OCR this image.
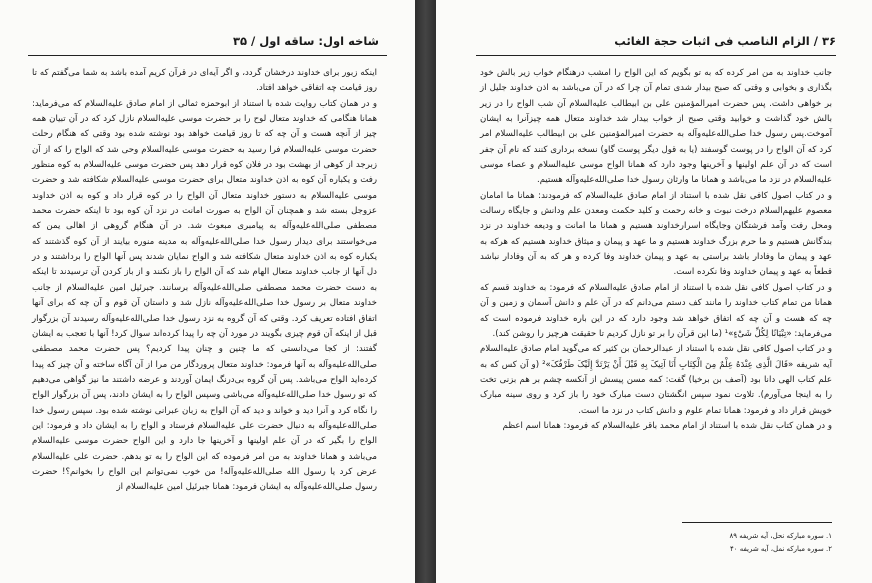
شاخه اول: ساقه اول / ۳۵

اینکه زبور برای خداوند درخشان گردد، و اگر آیه‌ای در قرآن کریم آمده باشد به شما می‌گفتم که تا روز قیامت چه اتفاقی خواهد افتاد.

و در همان کتاب روایت شده با استناد از ابوحمزه ثمالی از امام صادق علیه‌السلام که می‌فرماید: همانا هنگامی که خداوند متعال لوح را بر حضرت موسی علیه‌السلام نازل کرد که در آن تبیان همه چیز از آنچه هست و آن چه که تا روز قیامت خواهد بود نوشته شده بود وقتی که هنگام رحلت حضرت موسی علیه‌السلام فرا رسید به حضرت موسی علیه‌السلام وحی شد که الواح را که از آن زبرجد از کوهی از بهشت بود در فلان کوه قرار دهد پس حضرت موسی علیه‌السلام به کوه منظور رفت و یکباره آن کوه به اذن خداوند متعال برای حضرت موسی علیه‌السلام شکافته شد و حضرت موسی علیه‌السلام به دستور خداوند متعال آن الواح را در کوه قرار داد و کوه به اذن خداوند عزوجل بسته شد و همچنان آن الواح به صورت امانت در نزد آن کوه بود تا اینکه حضرت محمد مصطفی صلی‌الله‌علیه‌وآله به پیامبری مبعوث شد. در آن هنگام گروهی از اهالی یمن که می‌خواستند برای دیدار رسول خدا صلی‌الله‌علیه‌وآله به مدینه منوره بیایند از آن کوه گذشتند که یکباره کوه به اذن خداوند متعال شکافته شد و الواح نمایان شدند پس آنها الواح را برداشتند و در دل آنها از جانب خداوند متعال الهام شد که آن الواح را باز نکنند و از باز کردن آن ترسیدند تا اینکه به دست حضرت محمد مصطفی صلی‌الله‌علیه‌وآله برسانند. جبرئیل امین علیه‌السلام از جانب خداوند متعال بر رسول خدا صلی‌الله‌علیه‌وآله نازل شد و داستان آن قوم و آن چه که برای آنها اتفاق افتاده تعریف کرد. وقتی که آن گروه به نزد رسول خدا صلی‌الله‌علیه‌وآله رسیدند آن بزرگوار قبل از اینکه آن قوم چیزی بگویند در مورد آن چه را پیدا کرده‌اند سوال کرد! آنها با تعجب به ایشان گفتند: از کجا می‌دانستی که ما چنین و چنان پیدا کردیم؟ پس حضرت محمد مصطفی صلی‌الله‌علیه‌وآله به آنها فرمود: خداوند متعال پروردگار من مرا از آن آگاه ساخته و آن چیز که پیدا کرده‌اید الواح می‌باشد. پس آن گروه بی‌درنگ ایمان آوردند و عرضه داشتند ما نیز گواهی می‌دهیم که تو رسول خدا صلی‌الله‌علیه‌وآله می‌باشی وسپس الواح را به ایشان دادند، پس آن بزرگوار الواح را نگاه کرد و آنرا دید و خواند و دید که آن الواح به زبان عبرانی نوشته شده بود. سپس رسول خدا صلی‌الله‌علیه‌وآله به دنبال حضرت علی علیه‌السلام فرستاد و الواح را به ایشان داد و فرمود: این الواح را بگیر که در آن علم اولینها و آخرینها جا دارد و این الواح حضرت موسی علیه‌السلام می‌باشد و همانا خداوند به من امر فرموده که این الواح را به تو بدهم. حضرت علی علیه‌السلام عرض کرد یا رسول الله صلی‌الله‌علیه‌وآله! من خوب نمی‌توانم این الواح را بخوانم؟! حضرت رسول صلی‌الله‌علیه‌وآله به ایشان فرمود: همانا جبرئیل امین علیه‌السلام از

۳۶ / الزام الناصب فی اثبات حجة الغائب

جانب خداوند به من امر کرده که به تو بگویم که این الواح را امشب درهنگام خواب زیر بالش خود بگذاری و بخوابی و وقتی که صبح بیدار شدی تمام آن چرا که در آن می‌باشد به اذن خداوند جلیل از بر خواهی داشت. پس حضرت امیرالمؤمنین علی بن ابیطالب علیه‌السلام آن شب الواح را در زیر بالش خود گذاشت و خوابید وقتی صبح از خواب بیدار شد خداوند متعال همه چیزآنرا به ایشان آموخت.پس رسول خدا صلی‌الله‌علیه‌وآله به حضرت امیرالمؤمنین علی بن ابیطالب علیه‌السلام امر کرد که آن الواح را در پوست گوسفند (یا به قول دیگر پوست گاو) نسخه برداری کنند که نام آن جفر است که در آن علم اولینها و آخرینها وجود دارد که همانا الواح موسی علیه‌السلام و عصاء موسی علیه‌السلام در نزد ما می‌باشد و همانا ما وارثان رسول خدا صلی‌الله‌علیه‌وآله هستیم.

و در کتاب اصول کافی نقل شده با استناد از امام صادق علیه‌السلام که فرمودند: همانا ما امامان معصوم علیهم‌السلام درخت نبوت و خانه رحمت و کلید حکمت ومعدن علم ودانش و جایگاه رسالت ومحل رفت وآمد فرشتگان وجایگاه اسرارخداوند هستیم و همانا ما امانت و ودیعه خداوند در نزد بندگانش هستیم و ما حرم بزرگ خداوند هستیم و ما عهد و پیمان و میثاق خداوند هستیم که هرکه به عهد و پیمان ما وفادار باشد براستی به عهد و پیمان خداوند وفا کرده و هر که به آن وفادار نباشد قطعاً به عهد و پیمان خداوند وفا نکرده است.

و در کتاب اصول کافی نقل شده با استناد از امام صادق علیه‌السلام که فرمود: به خداوند قسم که همانا من تمام کتاب خداوند را مانند کف دستم می‌دانم که در آن علم و دانش آسمان و زمین و آن چه که هست و آن چه که اتفاق خواهد شد وجود دارد که در این باره خداوند فرموده است که می‌فرماید: «تِبْیَانًا لِکُلِّ شَیْءٍ»¹ (ما این قرآن را بر تو نازل کردیم تا حقیقت هرچیز را روشن کند).

و در کتاب اصول کافی نقل شده با استناد از عبدالرحمان بن کثیر که می‌گوید امام صادق علیه‌السلام آیه شریفه «قَالَ الَّذِی عِنْدَهُ عِلْمٌ مِنَ الْکِتَابِ أَنَا آتِیکَ بِهِ قَبْلَ أَنْ یَرْتَدَّ إِلَیْکَ طَرْفُکَ»² (و آن کس که به علم کتاب الهی دانا بود (آصف بن برخیا) گفت: کمه مسن پیسش از آنکسه چشم بر هم بزنی تخت را به اینجا می‌آورم). تلاوت نمود سپس انگشتان دست مبارک خود را باز کرد و روی سینه مبارک خویش قرار داد و فرمود: همانا تمام علوم و دانش کتاب در نزد ما است.

و در همان کتاب نقل شده با استناد از امام محمد باقر علیه‌السلام که فرمود: همانا اسم اعظم

۱. سوره مبارکه نحل، آیه شریفه ۸۹
۲. سوره مبارکه نمل، آیه شریفه ۴۰
